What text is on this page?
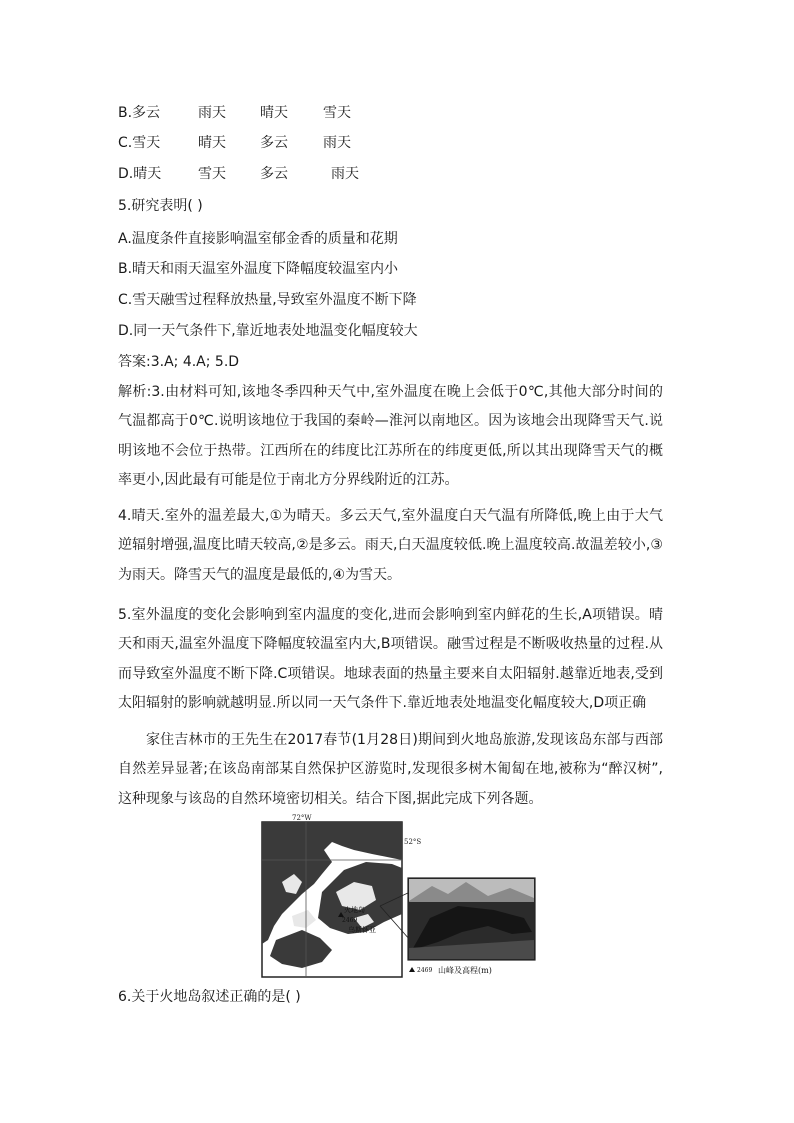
B.多云	雨天 晴天	雪天
C.雪天	晴天 多云	雨天
D.晴天	雪天 多云	雨天
5.研究表明( )
A.温度条件直接影响温室郁金香的质量和花期
B.晴天和雨天温室外温度下降幅度较温室内小
C.雪天融雪过程释放热量,导致室外温度不断下降
D.同一天气条件下,靠近地表处地温变化幅度较大
答案:3.A; 4.A; 5.D
解析:3.由材料可知,该地冬季四种天气中,室外温度在晚上会低于0℃,其他大部分时间的气温都高于0℃.说明该地位于我国的秦岭—淮河以南地区。因为该地会出现降雪天气.说明该地不会位于热带。江西所在的纬度比江苏所在的纬度更低,所以其出现降雪天气的概率更小,因此最有可能是位于南北方分界线附近的江苏。
4.晴天.室外的温差最大,①为晴天。多云天气,室外温度白天气温有所降低,晚上由于大气逆辐射增强,温度比晴天较高,②是多云。雨天,白天温度较低.晚上温度较高.故温差较小,③为雨天。降雪天气的温度是最低的,④为雪天。
5.室外温度的变化会影响到室内温度的变化,进而会影响到室内鲜花的生长,A项错误。晴天和雨天,温室外温度下降幅度较温室内大,B项错误。融雪过程是不断吸收热量的过程.从而导致室外温度不断下降.C项错误。地球表面的热量主要来自太阳辐射.越靠近地表,受到太阳辐射的影响就越明显.所以同一天气条件下.靠近地表处地温变化幅度较大,D项正确
家住吉林市的王先生在2017春节(1月28日)期间到火地岛旅游,发现该岛东部与西部自然差异显著;在该岛南部某自然保护区游览时,发现很多树木匍匐在地,被称为“醉汉树”,这种现象与该岛的自然环境密切相关。结合下图,据此完成下列各题。
72°W
52°S
火地岛
2469
乌斯怀亚
2469 山峰及高程(m)
6.关于火地岛叙述正确的是( )
